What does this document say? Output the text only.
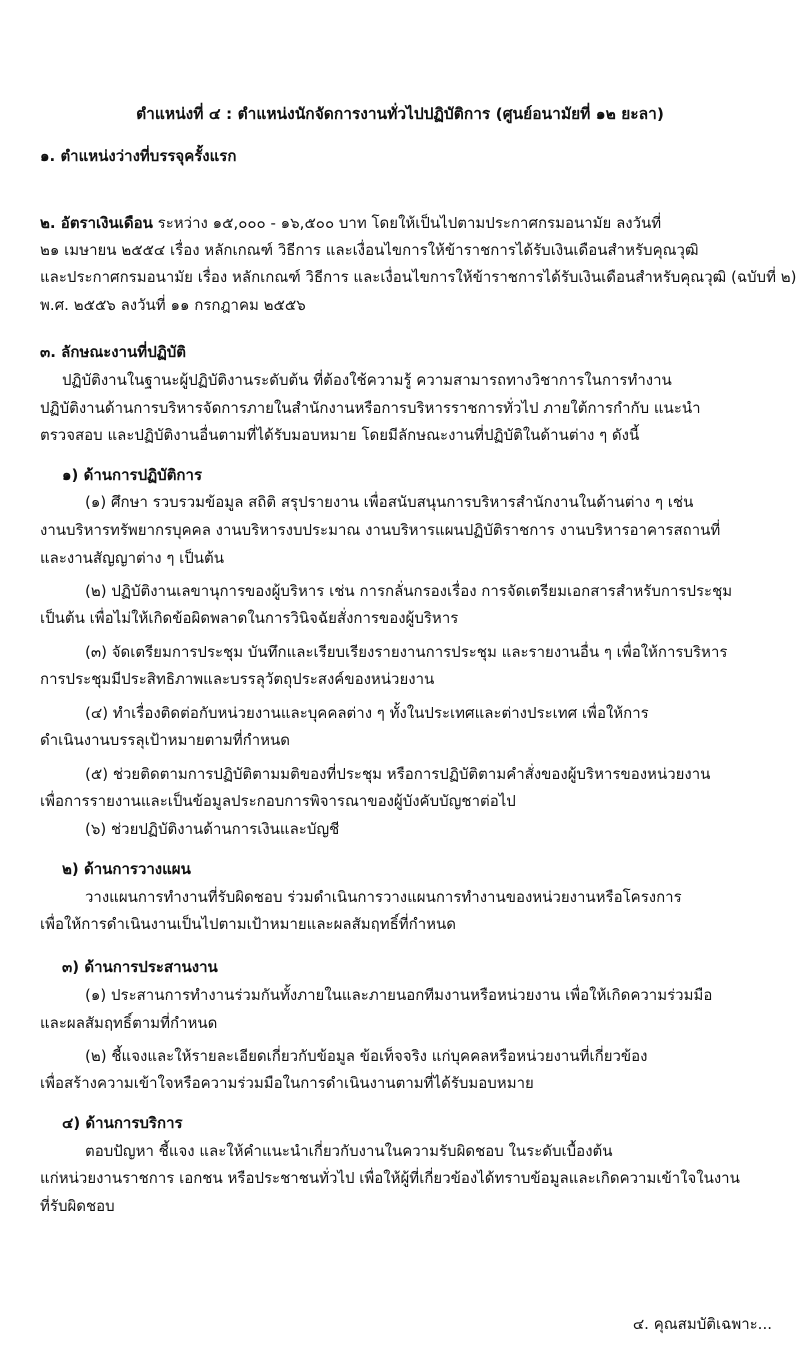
ตำแหน่งที่ ๔ : ตำแหน่งนักจัดการงานทั่วไปปฏิบัติการ (ศูนย์อนามัยที่ ๑๒ ยะลา)
๑. ตำแหน่งว่างที่บรรจุครั้งแรก
๒. อัตราเงินเดือน ระหว่าง ๑๕,๐๐๐ - ๑๖,๕๐๐ บาท โดยให้เป็นไปตามประกาศกรมอนามัย ลงวันที่
๒๑ เมษายน ๒๕๕๔ เรื่อง หลักเกณฑ์ วิธีการ และเงื่อนไขการให้ข้าราชการได้รับเงินเดือนสำหรับคุณวุฒิ
และประกาศกรมอนามัย เรื่อง หลักเกณฑ์ วิธีการ และเงื่อนไขการให้ข้าราชการได้รับเงินเดือนสำหรับคุณวุฒิ (ฉบับที่ ๒)
พ.ศ. ๒๕๕๖ ลงวันที่ ๑๑ กรกฎาคม ๒๕๕๖
๓. ลักษณะงานที่ปฏิบัติ
ปฏิบัติงานในฐานะผู้ปฏิบัติงานระดับต้น ที่ต้องใช้ความรู้ ความสามารถทางวิชาการในการทำงาน
ปฏิบัติงานด้านการบริหารจัดการภายในสำนักงานหรือการบริหารราชการทั่วไป ภายใต้การกำกับ แนะนำ
ตรวจสอบ และปฏิบัติงานอื่นตามที่ได้รับมอบหมาย โดยมีลักษณะงานที่ปฏิบัติในด้านต่าง ๆ ดังนี้
๑) ด้านการปฏิบัติการ
(๑) ศึกษา รวบรวมข้อมูล สถิติ สรุปรายงาน เพื่อสนับสนุนการบริหารสำนักงานในด้านต่าง ๆ เช่น
งานบริหารทรัพยากรบุคคล งานบริหารงบประมาณ งานบริหารแผนปฏิบัติราชการ งานบริหารอาคารสถานที่
และงานสัญญาต่าง ๆ เป็นต้น
(๒) ปฏิบัติงานเลขานุการของผู้บริหาร เช่น การกลั่นกรองเรื่อง การจัดเตรียมเอกสารสำหรับการประชุม
เป็นต้น เพื่อไม่ให้เกิดข้อผิดพลาดในการวินิจฉัยสั่งการของผู้บริหาร
(๓) จัดเตรียมการประชุม บันทึกและเรียบเรียงรายงานการประชุม และรายงานอื่น ๆ เพื่อให้การบริหาร
การประชุมมีประสิทธิภาพและบรรลุวัตถุประสงค์ของหน่วยงาน
(๔) ทำเรื่องติดต่อกับหน่วยงานและบุคคลต่าง ๆ ทั้งในประเทศและต่างประเทศ เพื่อให้การ
ดำเนินงานบรรลุเป้าหมายตามที่กำหนด
(๕) ช่วยติดตามการปฏิบัติตามมติของที่ประชุม หรือการปฏิบัติตามคำสั่งของผู้บริหารของหน่วยงาน
เพื่อการรายงานและเป็นข้อมูลประกอบการพิจารณาของผู้บังคับบัญชาต่อไป
(๖) ช่วยปฏิบัติงานด้านการเงินและบัญชี
๒) ด้านการวางแผน
วางแผนการทำงานที่รับผิดชอบ ร่วมดำเนินการวางแผนการทำงานของหน่วยงานหรือโครงการ
เพื่อให้การดำเนินงานเป็นไปตามเป้าหมายและผลสัมฤทธิ์ที่กำหนด
๓) ด้านการประสานงาน
(๑) ประสานการทำงานร่วมกันทั้งภายในและภายนอกทีมงานหรือหน่วยงาน เพื่อให้เกิดความร่วมมือ
และผลสัมฤทธิ์ตามที่กำหนด
(๒) ชี้แจงและให้รายละเอียดเกี่ยวกับข้อมูล ข้อเท็จจริง แก่บุคคลหรือหน่วยงานที่เกี่ยวข้อง
เพื่อสร้างความเข้าใจหรือความร่วมมือในการดำเนินงานตามที่ได้รับมอบหมาย
๔) ด้านการบริการ
ตอบปัญหา ชี้แจง และให้คำแนะนำเกี่ยวกับงานในความรับผิดชอบ ในระดับเบื้องต้น
แก่หน่วยงานราชการ เอกชน หรือประชาชนทั่วไป เพื่อให้ผู้ที่เกี่ยวข้องได้ทราบข้อมูลและเกิดความเข้าใจในงาน
ที่รับผิดชอบ
๔. คุณสมบัติเฉพาะ...
